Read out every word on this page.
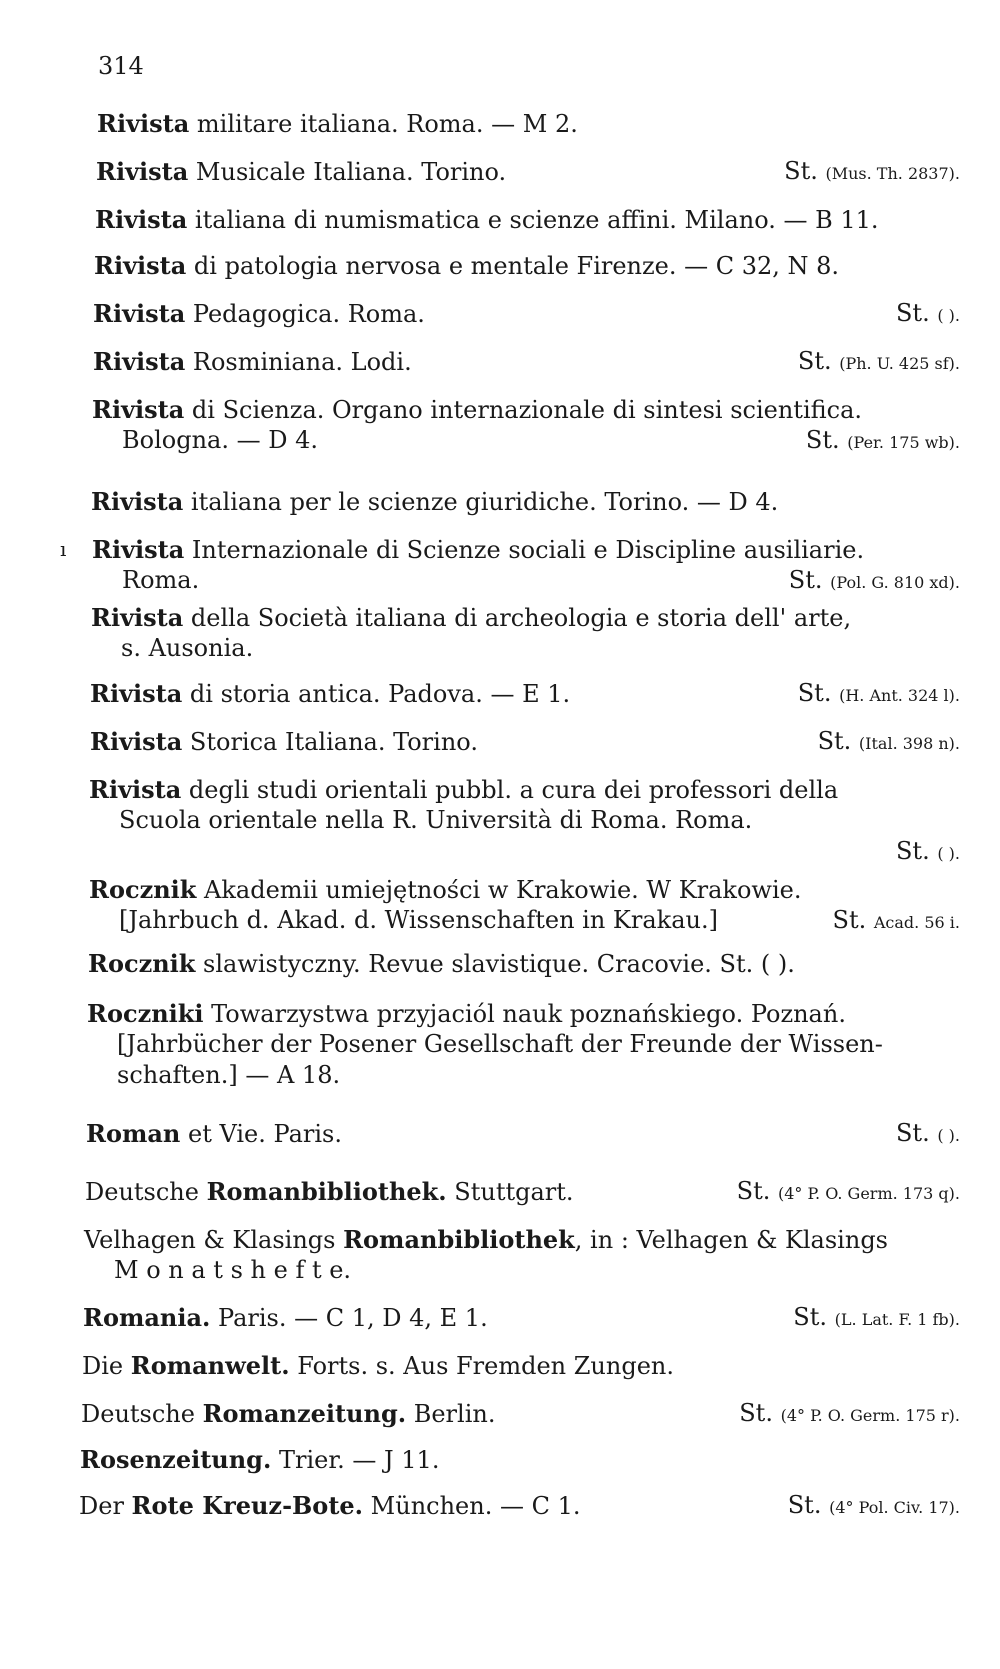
314
Rivista militare italiana. Roma. — M 2.
Rivista Musicale Italiana. Torino.	St. (Mus. Th. 2837).
Rivista italiana di numismatica e scienze affini. Milano. — B 11.
Rivista di patologia nervosa e mentale Firenze. — C 32, N 8.
Rivista Pedagogica. Roma.	St. ( ).
Rivista Rosminiana. Lodi.	St. (Ph. U. 425 sf).
Rivista di Scienza. Organo internazionale di sintesi scientifica.
Bologna. — D 4.	St. (Per. 175 wb).
Rivista italiana per le scienze giuridiche. Torino. — D 4.
ı Rivista Internazionale di Scienze sociali e Discipline ausiliarie.
Roma.	St. (Pol. G. 810 xd).
Rivista della Società italiana di archeologia e storia dell' arte,
s. Ausonia.
Rivista di storia antica. Padova. — E 1.	St. (H. Ant. 324 l).
Rivista Storica Italiana. Torino.	St. (Ital. 398 n).
Rivista degli studi orientali pubbl. a cura dei professori della
Scuola orientale nella R. Università di Roma. Roma.
St. ( ).
Rocznik Akademii umiejętności w Krakowie. W Krakowie.
[Jahrbuch d. Akad. d. Wissenschaften in Krakau.]	St. Acad. 56 i.
Rocznik slawistyczny. Revue slavistique. Cracovie. St. ( ).
Roczniki Towarzystwa przyjaciól nauk poznańskiego. Poznań.
[Jahrbücher der Posener Gesellschaft der Freunde der Wissen-
schaften.] — A 18.
Roman et Vie. Paris.	St. ( ).
Deutsche Romanbibliothek. Stuttgart.	St. (4° P. O. Germ. 173 q).
Velhagen & Klasings Romanbibliothek, in : Velhagen & Klasings
M o n a t s h e f t e.
Romania. Paris. — C 1, D 4, E 1.	St. (L. Lat. F. 1 fb).
Die Romanwelt. Forts. s. Aus Fremden Zungen.
Deutsche Romanzeitung. Berlin.	St. (4° P. O. Germ. 175 r).
Rosenzeitung. Trier. — J 11.
Der Rote Kreuz-Bote. München. — C 1.	St. (4° Pol. Civ. 17).
